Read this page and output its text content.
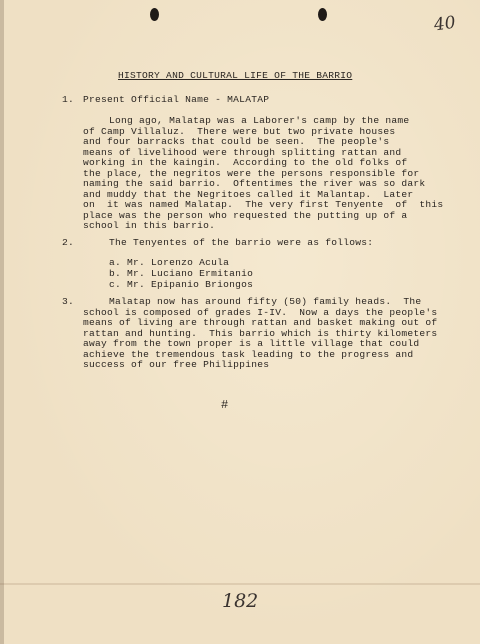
40
HISTORY AND CULTURAL LIFE OF THE BARRIO
1. Present Official Name - MALATAP
Long ago, Malatap was a Laborer's camp by the name
of Camp Villaluz.  There were but two private houses
and four barracks that could be seen.  The people's
means of livelihood were through splitting rattan and
working in the kaingin.  According to the old folks of
the place, the negritos were the persons responsible for
naming the said barrio.  Oftentimes the river was so dark
and muddy that the Negritoes called it Malantap.  Later
on  it was named Malatap.  The very first Tenyente  of  this
place was the person who requested the putting up of a
school in this barrio.
2.	The Tenyentes of the barrio were as follows:
a. Mr. Lorenzo Acula
b. Mr. Luciano Ermitanio
c. Mr. Epipanio Briongos
3.	Malatap now has around fifty (50) family heads.  The
school is composed of grades I-IV.  Now a days the people's
means of living are through rattan and basket making out of
rattan and hunting.  This barrio which is thirty kilometers
away from the town proper is a little village that could
achieve the tremendous task leading to the progress and
success of our free Philippines
#
182
